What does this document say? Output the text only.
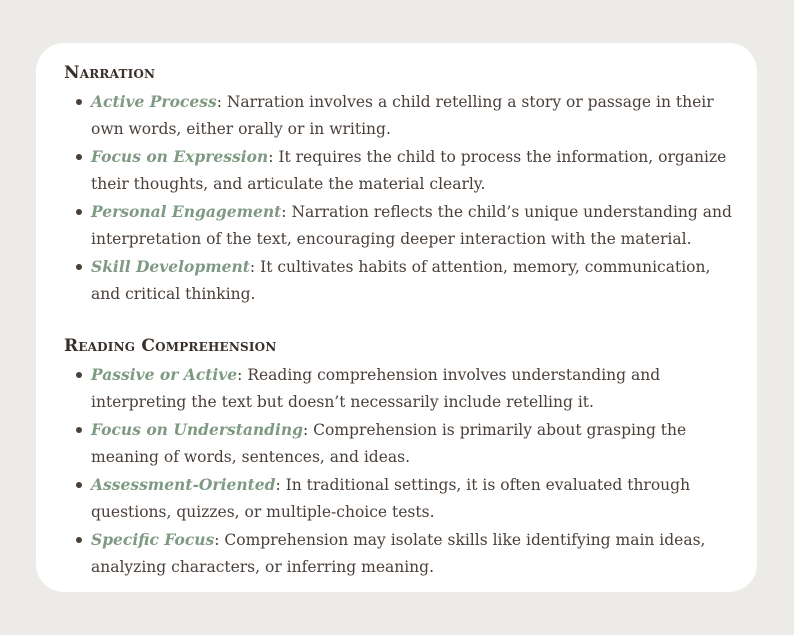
Narration
Active Process: Narration involves a child retelling a story or passage in their own words, either orally or in writing.
Focus on Expression: It requires the child to process the information, organize their thoughts, and articulate the material clearly.
Personal Engagement: Narration reflects the child’s unique understanding and interpretation of the text, encouraging deeper interaction with the material.
Skill Development: It cultivates habits of attention, memory, communication, and critical thinking.
Reading Comprehension
Passive or Active: Reading comprehension involves understanding and interpreting the text but doesn’t necessarily include retelling it.
Focus on Understanding: Comprehension is primarily about grasping the meaning of words, sentences, and ideas.
Assessment-Oriented: In traditional settings, it is often evaluated through questions, quizzes, or multiple-choice tests.
Specific Focus: Comprehension may isolate skills like identifying main ideas, analyzing characters, or inferring meaning.
